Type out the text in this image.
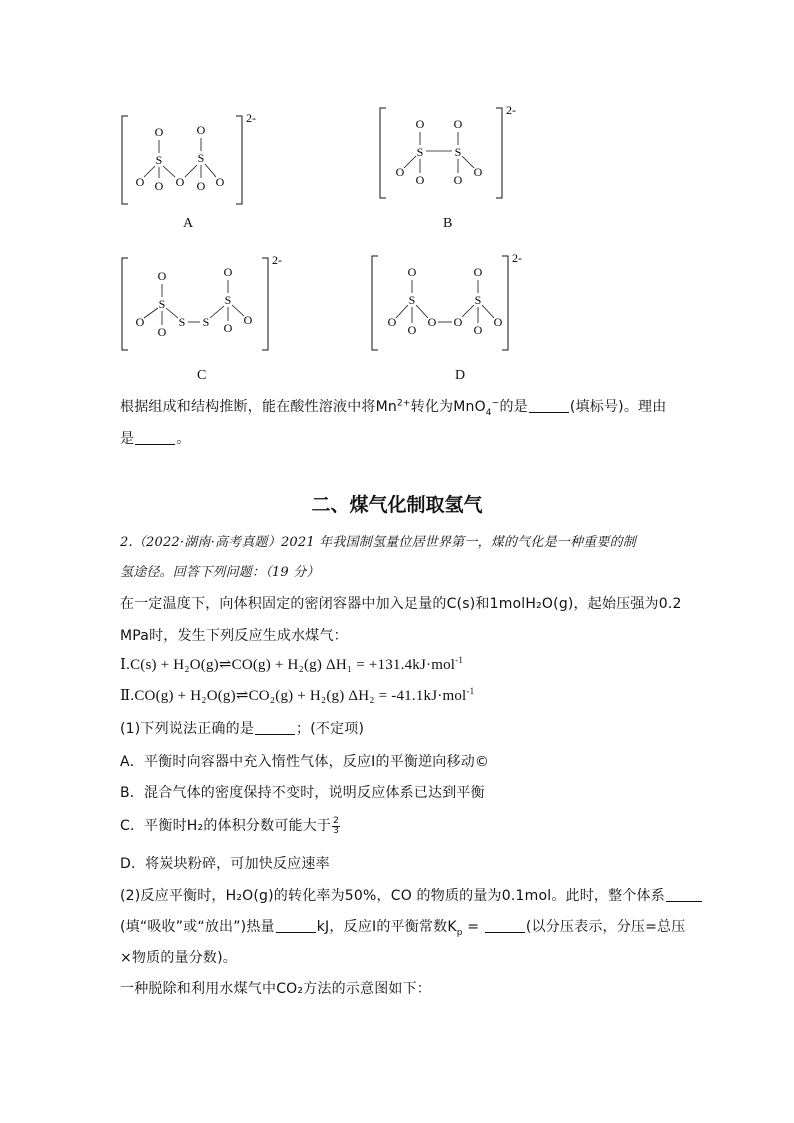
2-
O
S
O O O
O
S
O O
A
2-
O
S
O
O
O
S
O
O
B
2-
O
S
O
O
S S
O
S
O
O
C
2-
O
S
O
O
O O
O
S
O
O
D
根据组成和结构推断，能在酸性溶液中将$Mn^{2+}$转化为MnO$_4$−的是	(填标号)。理由
是	。
二、煤气化制取氢气
2.（2022·湖南·高考真题）2021 年我国制氢量位居世界第一，煤的气化是一种重要的制
氢途径。回答下列问题：（19 分）
在一定温度下，向体积固定的密闭容器中加入足量的C(s)和1molH₂O(g)，起始压强为0.2
MPa时，发生下列反应生成水煤气：
Ⅰ.C(s) + H₂O(g)⇌CO(g) + H₂(g) ΔH₁ = +131.4kJ·mol$^{-1}$
Ⅱ.CO(g) + H₂O(g)⇌CO₂(g) + H₂(g) ΔH₂ = -41.1kJ·mol$^{-1}$
(1)下列说法正确的是	；(不定项)
A．平衡时向容器中充入惰性气体，反应Ⅰ的平衡逆向移动©
B．混合气体的密度保持不变时，说明反应体系已达到平衡
C．平衡时H₂的体积分数可能大于 $\frac{2}{3}$
D．将炭块粉碎，可加快反应速率
(2)反应平衡时，H₂O(g)的转化率为50%，CO 的物质的量为0.1mol。此时，整个体系
(填“吸收”或“放出”)热量	kJ，反应Ⅰ的平衡常数$K_p$ =	(以分压表示，分压=总压
×物质的量分数)。
一种脱除和利用水煤气中CO₂方法的示意图如下：
